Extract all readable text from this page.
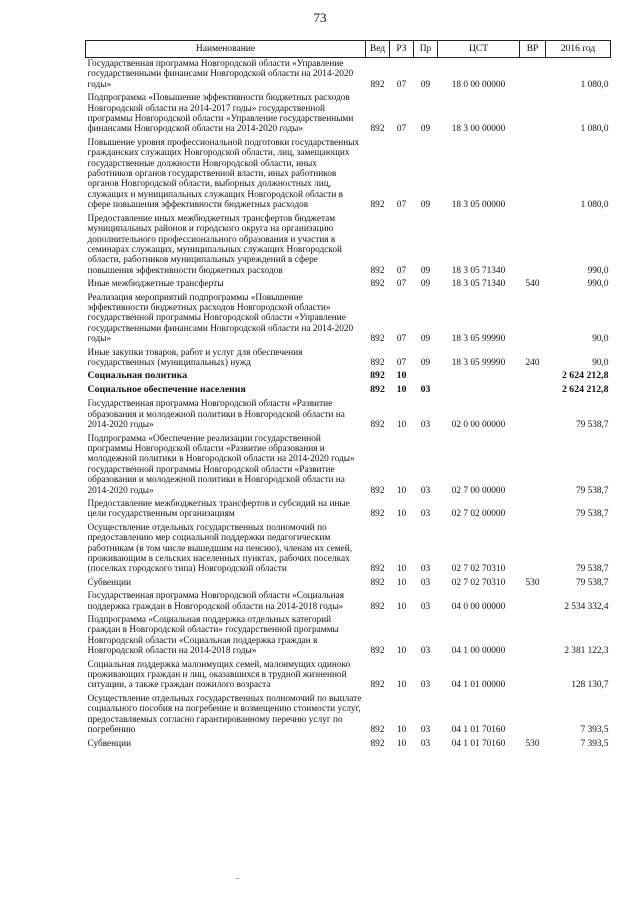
73
Наименование	Вед	РЗ	Пр	ЦСТ	ВР	2016 год
Государственная программа Новгородской области «Управление государственными финансами Новгородской области на 2014-2020 годы»	892	07	09	18 0 00 00000		1 080,0
Подпрограмма «Повышение эффективности бюджетных расходов Новгородской области на 2014-2017 годы» государственной программы Новгородской области «Управление государственными финансами Новгородской области на 2014-2020 годы»	892	07	09	18 3 00 00000		1 080,0
Повышение уровня профессиональной подготовки государственных гражданских служащих Новгородской области, лиц, замещающих государственные должности Новгородской области, иных работников органов государственной власти, иных работников органов Новгородской области, выборных должностных лиц, служащих и муниципальных служащих Новгородской области в сфере повышения эффективности бюджетных расходов	892	07	09	18 3 05 00000		1 080,0
Предоставление иных межбюджетных трансфертов бюджетам муниципальных районов и городского округа на организацию дополнительного профессионального образования и участия в семинарах служащих, муниципальных служащих Новгородской области, работников муниципальных учреждений в сфере повышения эффективности бюджетных расходов	892	07	09	18 3 05 71340		990,0
Иные межбюджетные трансферты	892	07	09	18 3 05 71340	540	990,0
Реализация мероприятий подпрограммы «Повышение эффективности бюджетных расходов Новгородской области» государственной программы Новгородской области «Управление государственными финансами Новгородской области на 2014-2020 годы»	892	07	09	18 3 05 99990		90,0
Иные закупки товаров, работ и услуг для обеспечения государственных (муниципальных) нужд	892	07	09	18 3 05 99990	240	90,0
Социальная политика	892	10				2 624 212,8
Социальное обеспечение населения	892	10	03			2 624 212,8
Государственная программа Новгородской области «Развитие образования и молодежной политики в Новгородской области на 2014-2020 годы»	892	10	03	02 0 00 00000		79 538,7
Подпрограмма «Обеспечение реализации государственной программы Новгородской области «Развитие образования и молодежной политики в Новгородской области на 2014-2020 годы» государственной программы Новгородской области «Развитие образования и молодежной политики в Новгородской области на 2014-2020 годы»	892	10	03	02 7 00 00000		79 538,7
Предоставление межбюджетных трансфертов и субсидий на иные цели государственным организациям	892	10	03	02 7 02 00000		79 538,7
Осуществление отдельных государственных полномочий по предоставлению мер социальной поддержки педагогическим работникам (в том числе вышедшим на пенсию), членам их семей, проживающим в сельских населенных пунктах, рабочих поселках (поселках городского типа) Новгородской области	892	10	03	02 7 02 70310		79 538,7
Субвенции	892	10	03	02 7 02 70310	530	79 538,7
Государственная программа Новгородской области «Социальная поддержка граждан в Новгородской области на 2014-2018 годы»	892	10	03	04 0 00 00000		2 534 332,4
Подпрограмма «Социальная поддержка отдельных категорий граждан в Новгородской области» государственной программы Новгородской области «Социальная поддержка граждан в Новгородской области на 2014-2018 годы»	892	10	03	04 1 00 00000		2 381 122,3
Социальная поддержка малоимущих семей, малоимущих одиноко проживающих граждан и лиц, оказавшихся в трудной жизненной ситуации, а также граждан пожилого возраста	892	10	03	04 1 01 00000		128 130,7
Осуществление отдельных государственных полномочий по выплате социального пособия на погребение и возмещению стоимости услуг, предоставляемых согласно гарантированному перечню услуг по погребению	892	10	03	04 1 01 70160		7 393,5
Субвенции	892	10	03	04 1 01 70160	530	7 393,5
